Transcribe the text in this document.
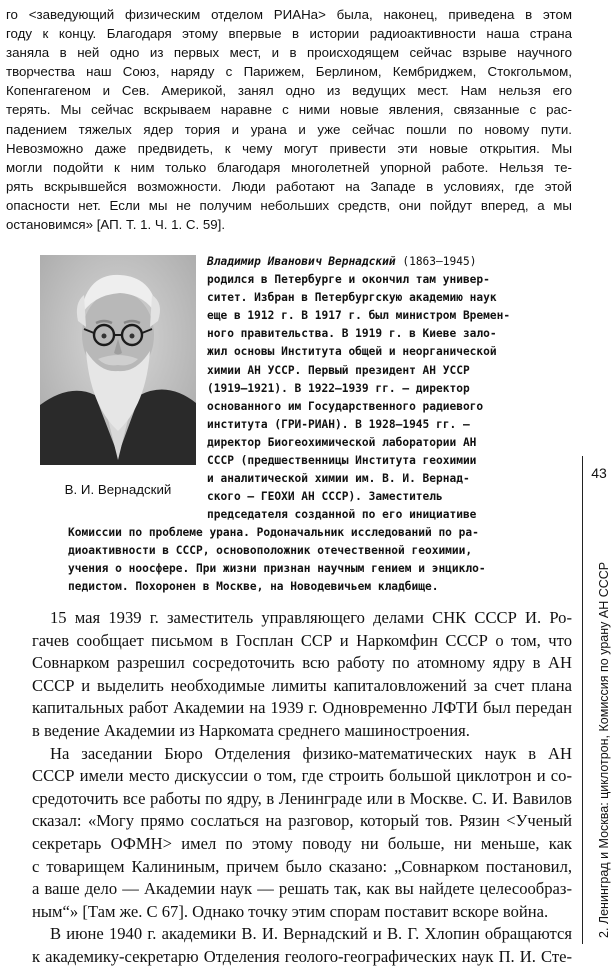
го <заведующий физическим отделом РИАНа> была, наконец, приведена в этом
году к концу. Благодаря этому впервые в истории радиоактивности наша страна
заняла в ней одно из первых мест, и в происходящем сейчас взрыве научного
творчества наш Союз, наряду с Парижем, Берлином, Кембриджем, Стокгольмом,
Копенгагеном и Сев. Америкой, занял одно из ведущих мест. Нам нельзя его
терять. Мы сейчас вскрываем наравне с ними новые явления, связанные с рас-
падением тяжелых ядер тория и урана и уже сейчас пошли по новому пути.
Невозможно даже предвидеть, к чему могут привести эти новые открытия. Мы
могли подойти к ним только благодаря многолетней упорной работе. Нельзя те-
рять вскрывшейся возможности. Люди работают на Западе в условиях, где этой
опасности нет. Если мы не получим небольших средств, они пойдут вперед, а мы
остановимся» [АП. Т. 1. Ч. 1. С. 59].
В. И. Вернадский
Владимир Иванович Вернадский (1863–1945)
родился в Петербурге и окончил там универ-
ситет. Избран в Петербургскую академию наук
еще в 1912 г. В 1917 г. был министром Времен-
ного правительства. В 1919 г. в Киеве зало-
жил основы Института общей и неорганической
химии АН УССР. Первый президент АН УССР
(1919–1921). В 1922–1939 гг. — директор
основанного им Государственного радиевого
института (ГРИ-РИАН). В 1928–1945 гг. —
директор Биогеохимической лаборатории АН
СССР (предшественницы Института геохимии
и аналитической химии им. В. И. Вернад-
ского — ГЕОХИ АН СССР). Заместитель
председателя созданной по его инициативе
Комиссии по проблеме урана. Родоначальник исследований по ра-
диоактивности в СССР, основоположник отечественной геохимии,
учения о ноосфере. При жизни признан научным гением и энцикло-
педистом. Похоронен в Москве, на Новодевичьем кладбище.
15 мая 1939 г. заместитель управляющего делами СНК СССР И. Ро-
гачев сообщает письмом в Госплан ССР и Наркомфин СССР о том, что
Совнарком разрешил сосредоточить всю работу по атомному ядру в АН
СССР и выделить необходимые лимиты капиталовложений за счет плана
капитальных работ Академии на 1939 г. Одновременно ЛФТИ был передан
в ведение Академии из Наркомата среднего машиностроения.
На заседании Бюро Отделения физико-математических наук в АН
СССР имели место дискуссии о том, где строить большой циклотрон и со-
средоточить все работы по ядру, в Ленинграде или в Москве. С. И. Вавилов
сказал: «Могу прямо сослаться на разговор, который тов. Рязин <Ученый
секретарь ОФМН> имел по этому поводу ни больше, ни меньше, как
с товарищем Калининым, причем было сказано: „Совнарком постановил,
а ваше дело — Академии наук — решать так, как вы найдете целесообраз-
ным“» [Там же. С 67]. Однако точку этим спорам поставит вскоре война.
В июне 1940 г. академики В. И. Вернадский и В. Г. Хлопин обращаются
к академику-секретарю Отделения геолого-географических наук П. И. Сте-
43
2. Ленинград и Москва: циклотрон, Комиссия по урану АН СССР
